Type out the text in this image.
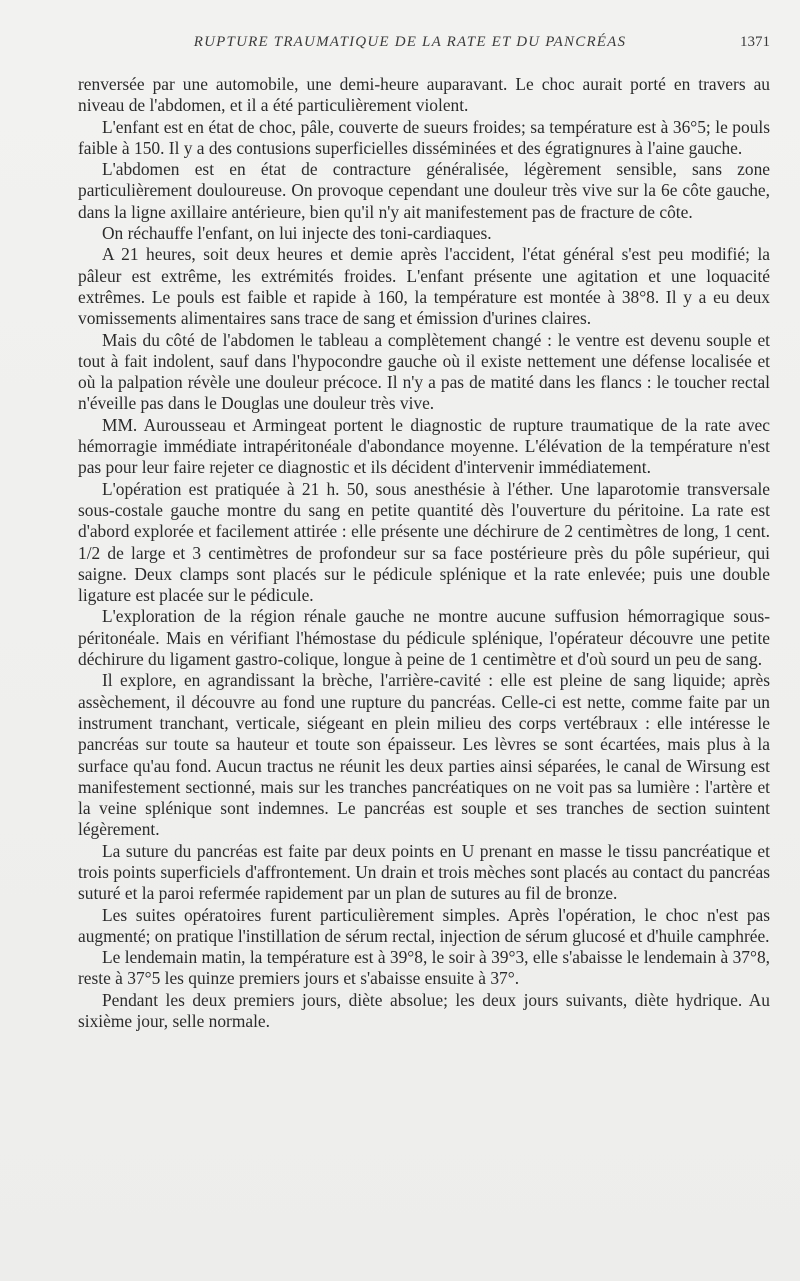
RUPTURE TRAUMATIQUE DE LA RATE ET DU PANCRÉAS	1371

renversée par une automobile, une demi-heure auparavant. Le choc aurait porté en travers au niveau de l'abdomen, et il a été particulièrement violent.

L'enfant est en état de choc, pâle, couverte de sueurs froides; sa température est à 36°5; le pouls faible à 150. Il y a des contusions superficielles disséminées et des égratignures à l'aine gauche.

L'abdomen est en état de contracture généralisée, légèrement sensible, sans zone particulièrement douloureuse. On provoque cependant une douleur très vive sur la 6e côte gauche, dans la ligne axillaire antérieure, bien qu'il n'y ait manifestement pas de fracture de côte.

On réchauffe l'enfant, on lui injecte des toni-cardiaques.

A 21 heures, soit deux heures et demie après l'accident, l'état général s'est peu modifié; la pâleur est extrême, les extrémités froides. L'enfant présente une agitation et une loquacité extrêmes. Le pouls est faible et rapide à 160, la température est montée à 38°8. Il y a eu deux vomissements alimentaires sans trace de sang et émission d'urines claires.

Mais du côté de l'abdomen le tableau a complètement changé : le ventre est devenu souple et tout à fait indolent, sauf dans l'hypocondre gauche où il existe nettement une défense localisée et où la palpation révèle une douleur précoce. Il n'y a pas de matité dans les flancs : le toucher rectal n'éveille pas dans le Douglas une douleur très vive.

MM. Aurousseau et Armingeat portent le diagnostic de rupture traumatique de la rate avec hémorragie immédiate intrapéritonéale d'abondance moyenne. L'élévation de la température n'est pas pour leur faire rejeter ce diagnostic et ils décident d'intervenir immédiatement.

L'opération est pratiquée à 21 h. 50, sous anesthésie à l'éther. Une laparotomie transversale sous-costale gauche montre du sang en petite quantité dès l'ouverture du péritoine. La rate est d'abord explorée et facilement attirée : elle présente une déchirure de 2 centimètres de long, 1 cent. 1/2 de large et 3 centimètres de profondeur sur sa face postérieure près du pôle supérieur, qui saigne. Deux clamps sont placés sur le pédicule splénique et la rate enlevée; puis une double ligature est placée sur le pédicule.

L'exploration de la région rénale gauche ne montre aucune suffusion hémorragique sous-péritonéale. Mais en vérifiant l'hémostase du pédicule splénique, l'opérateur découvre une petite déchirure du ligament gastro-colique, longue à peine de 1 centimètre et d'où sourd un peu de sang.

Il explore, en agrandissant la brèche, l'arrière-cavité : elle est pleine de sang liquide; après assèchement, il découvre au fond une rupture du pancréas. Celle-ci est nette, comme faite par un instrument tranchant, verticale, siégeant en plein milieu des corps vertébraux : elle intéresse le pancréas sur toute sa hauteur et toute son épaisseur. Les lèvres se sont écartées, mais plus à la surface qu'au fond. Aucun tractus ne réunit les deux parties ainsi séparées, le canal de Wirsung est manifestement sectionné, mais sur les tranches pancréatiques on ne voit pas sa lumière : l'artère et la veine splénique sont indemnes. Le pancréas est souple et ses tranches de section suintent légèrement.

La suture du pancréas est faite par deux points en U prenant en masse le tissu pancréatique et trois points superficiels d'affrontement. Un drain et trois mèches sont placés au contact du pancréas suturé et la paroi refermée rapidement par un plan de sutures au fil de bronze.

Les suites opératoires furent particulièrement simples. Après l'opération, le choc n'est pas augmenté; on pratique l'instillation de sérum rectal, injection de sérum glucosé et d'huile camphrée.

Le lendemain matin, la température est à 39°8, le soir à 39°3, elle s'abaisse le lendemain à 37°8, reste à 37°5 les quinze premiers jours et s'abaisse ensuite à 37°.

Pendant les deux premiers jours, diète absolue; les deux jours suivants, diète hydrique. Au sixième jour, selle normale.
